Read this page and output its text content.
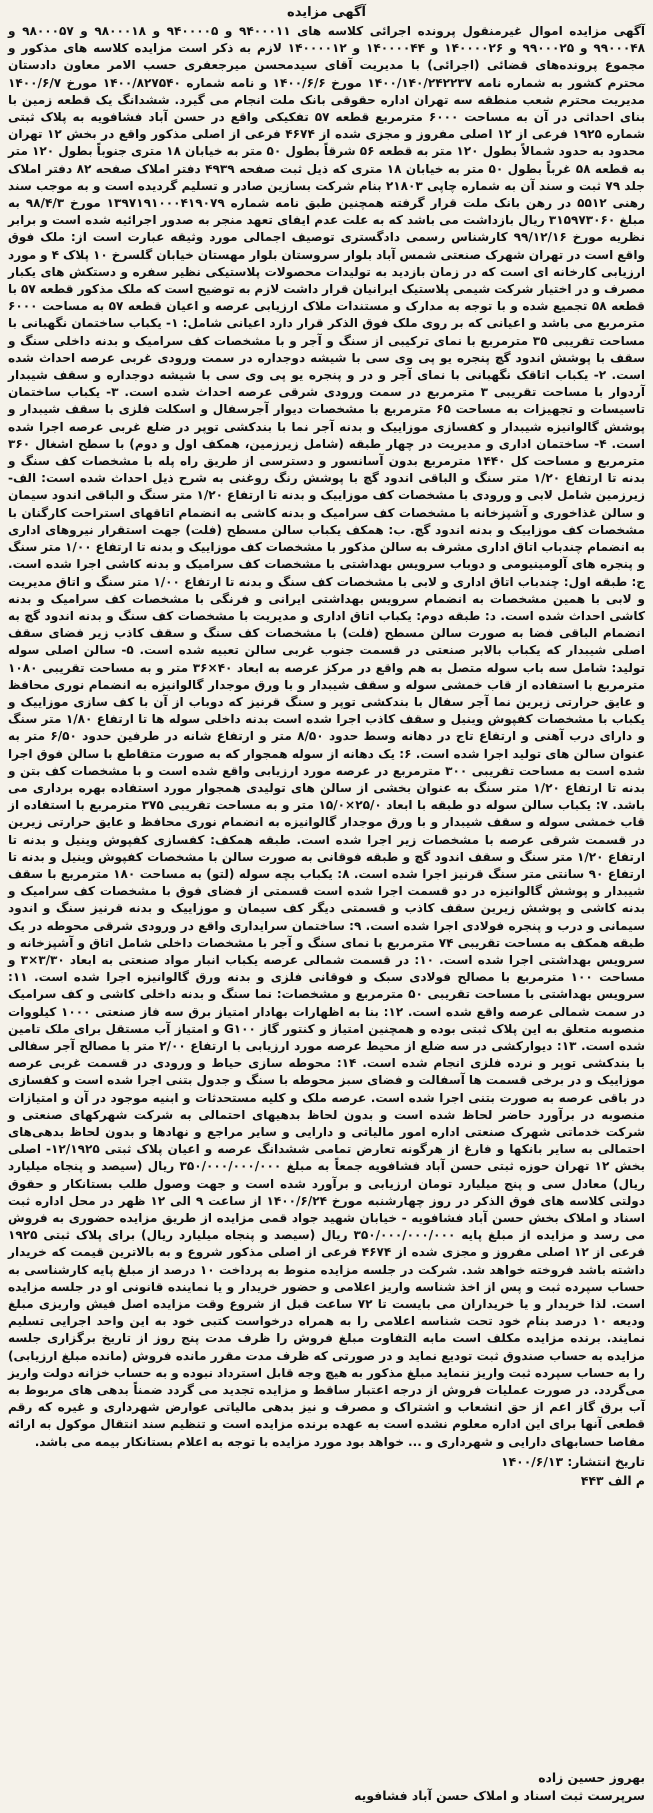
آگهی مزایده

آگهی مزایده اموال غیرمنقول پرونده اجرائی کلاسه های ۹۴۰۰۰۱۱ و ۹۴۰۰۰۰۵ و ۹۸۰۰۰۱۸ و ۹۸۰۰۰۵۷ و ۹۹۰۰۰۴۸ و ۹۹۰۰۰۲۵ و ۱۴۰۰۰۰۲۶ و ۱۴۰۰۰۰۴۴ و ۱۴۰۰۰۰۱۲ لازم به ذکر است مزایده کلاسه های مذکور و مجموع پرونده‌های قضائی (اجرائی) با مدیریت آقای سیدمحسن میرجعفری حسب الامر معاون دادستان محترم کشور به شماره نامه ۱۴۰۰/۱۴۰/۲۴۲۲۳۷ مورخ ۱۴۰۰/۶/۶ و نامه شماره ۱۴۰۰/۸۲۷۵۴۰ مورخ ۱۴۰۰/۶/۷ مدیریت محترم شعب منطقه سه تهران اداره حقوقی بانک ملت انجام می گیرد. ششدانگ یک قطعه زمین با بنای احداثی در آن به مساحت ۶۰۰۰ مترمربع قطعه ۵۷ تفکیکی واقع در حسن آباد فشافویه به پلاک ثبتی شماره ۱۹۲۵ فرعی از ۱۲ اصلی مفروز و مجزی شده از ۴۶۷۴ فرعی از اصلی مذکور واقع در بخش ۱۲ تهران محدود به حدود شمالاً بطول ۱۲۰ متر به قطعه ۵۶ شرقاً بطول ۵۰ متر به خیابان ۱۸ متری جنوباً بطول ۱۲۰ متر به قطعه ۵۸ غرباً بطول ۵۰ متر به خیابان ۱۸ متری که ذیل ثبت صفحه ۴۹۳۹ دفتر املاک صفحه ۸۲ دفتر املاک جلد ۷۹ ثبت و سند آن به شماره چاپی ۲۱۸۰۳ بنام شرکت بسازین صادر و تسلیم گردیده است و به موجب سند رهنی ۵۵۱۲ در رهن بانک ملت قرار گرفته همچنین طبق نامه شماره ۱۳۹۷۱۹۱۰۰۰۴۱۹۰۷۹ مورخ ۹۸/۴/۳ به مبلغ ۳۱۵۹۷۳۰۶۰ ریال بازداشت می باشد که به علت عدم ایفای تعهد منجر به صدور اجرائیه شده است و برابر نظریه مورخ ۹۹/۱۲/۱۶ کارشناس رسمی دادگستری توصیف اجمالی مورد وثیقه عبارت است از: ملک فوق واقع است در تهران شهرک صنعتی شمس آباد بلوار سروستان بلوار مهستان خیابان گلسرخ ۱۰ پلاک ۴ و مورد ارزیابی کارخانه ای است که در زمان بازدید به تولیدات محصولات پلاستیکی نظیر سفره و دستکش های یکبار مصرف و در اختیار شرکت شیمی پلاستیک ایرانیان قرار داشت لازم به توضیح است که ملک مذکور قطعه ۵۷ با قطعه ۵۸ تجمیع شده و با توجه به مدارک و مستندات ملاک ارزیابی عرصه و اعیان قطعه ۵۷ به مساحت ۶۰۰۰ مترمربع می باشد و اعیانی که بر روی ملک فوق الذکر قرار دارد اعیانی شامل: ۱- یکباب ساختمان نگهبانی با مساحت تقریبی ۳۵ مترمربع با نمای ترکیبی از سنگ و آجر و با مشخصات کف سرامیک و بدنه داخلی سنگ و سقف با پوشش اندود گچ پنجره یو پی وی سی با شیشه دوجداره در سمت ورودی غربی عرصه احداث شده است. ۲- یکباب اتاقک نگهبانی با نمای آجر و در و پنجره یو پی وی سی با شیشه دوجداره و سقف شیبدار آردوار با مساحت تقریبی ۳ مترمربع در سمت ورودی شرقی عرصه احداث شده است. ۳- یکباب ساختمان تاسیسات و تجهیزات به مساحت ۶۵ مترمربع با مشخصات دیوار آجرسفال و اسکلت فلزی با سقف شیبدار و پوشش گالوانیزه شیبدار و کفسازی موزاییک و بدنه آجر نما با بندکشی توپر در ضلع غربی عرصه اجرا شده است. ۴- ساختمان اداری و مدیریت در چهار طبقه (شامل زیرزمین، همکف اول و دوم) با سطح اشغال ۳۶۰ مترمربع و مساحت کل ۱۴۴۰ مترمربع بدون آسانسور و دسترسی از طریق راه پله با مشخصات کف سنگ و بدنه تا ارتفاع ۱/۲۰ متر سنگ و الباقی اندود گچ با پوشش رنگ روغنی به شرح ذیل احداث شده است: الف- زیرزمین شامل لابی و ورودی با مشخصات کف موزاییک و بدنه تا ارتفاع ۱/۲۰ متر سنگ و الباقی اندود سیمان و سالن غذاخوری و آشپزخانه با مشخصات کف سرامیک و بدنه کاشی به انضمام اتاقهای استراحت کارگنان با مشخصات کف موزاییک و بدنه اندود گچ. ب: همکف یکباب سالن مسطح (فلت) جهت استقرار نیروهای اداری به انضمام چندباب اتاق اداری مشرف به سالن مذکور با مشخصات کف موزاییک و بدنه تا ارتفاع ۱/۰۰ متر سنگ و پنجره های آلومینیومی و دوباب سرویس بهداشتی با مشخصات کف سرامیک و بدنه کاشی اجرا شده است. ج: طبقه اول: چندباب اتاق اداری و لابی با مشخصات کف سنگ و بدنه تا ارتفاع ۱/۰۰ متر سنگ و اتاق مدیریت و لابی با همین مشخصات به انضمام سرویس بهداشتی ایرانی و فرنگی با مشخصات کف سرامیک و بدنه کاشی احداث شده است. د: طبقه دوم: یکباب اتاق اداری و مدیریت با مشخصات کف سنگ و بدنه اندود گچ به انضمام الباقی فضا به صورت سالن مسطح (فلت) با مشخصات کف سنگ و سقف کاذب زیر فضای سقف اصلی شیبدار که یکباب بالابر صنعتی در قسمت جنوب غربی سالن تعبیه شده است. ۵- سالن اصلی سوله تولید: شامل سه باب سوله متصل به هم واقع در مرکز عرصه به ابعاد ۴۰×۳۶ متر و به مساحت تقریبی ۱۰۸۰ مترمربع با استفاده از قاب خمشی سوله و سقف شیبدار و با ورق موجدار گالوانیزه به انضمام نوری محافظ و عایق حرارتی زیرین نما آجر سفال با بندکشی توپر و سنگ قرنیز که دوباب از آن با کف سازی موزاییک و یکباب با مشخصات کفپوش وینیل و سقف کاذب اجرا شده است بدنه داخلی سوله ها تا ارتفاع ۱/۸۰ متر سنگ و دارای درب آهنی و ارتفاع تاج در دهانه وسط حدود ۸/۵۰ متر و ارتفاع شانه در طرفین حدود ۶/۵۰ متر به عنوان سالن های تولید اجرا شده است. ۶: یک دهانه از سوله همجوار که به صورت متقاطع با سالن فوق اجرا شده است به مساحت تقریبی ۳۰۰ مترمربع در عرصه مورد ارزیابی واقع شده است و با مشخصات کف بتن و بدنه تا ارتفاع ۱/۲۰ متر سنگ به عنوان بخشی از سالن های تولیدی همجوار مورد استفاده بهره برداری می باشد. ۷: یکباب سالن سوله دو طبقه با ابعاد ۲۵/۰×۱۵/۰ متر و به مساحت تقریبی ۳۷۵ مترمربع با استفاده از قاب خمشی سوله و سقف شیبدار و با ورق موجدار گالوانیزه به انضمام نوری محافظ و عایق حرارتی زیرین در قسمت شرقی عرصه با مشخصات زیر اجرا شده است. طبقه همکف: کفسازی کفپوش وینیل و بدنه تا ارتفاع ۱/۲۰ متر سنگ و سقف اندود گچ و طبقه فوقانی به صورت سالن با مشخصات کفپوش وینیل و بدنه تا ارتفاع ۹۰ سانتی متر سنگ قرنیز اجرا شده است. ۸: یکباب بچه سوله (لتو) به مساحت ۱۸۰ مترمربع با سقف شیبدار و پوشش گالوانیزه در دو قسمت اجرا شده است قسمتی از فضای فوق با مشخصات کف سرامیک و بدنه کاشی و پوشش زیرین سقف کاذب و قسمتی دیگر کف سیمان و موزاییک و بدنه قرنیز سنگ و اندود سیمانی و درب و پنجره فولادی اجرا شده است. ۹: ساختمان سرایداری واقع در ورودی شرقی محوطه در یک طبقه همکف به مساحت تقریبی ۷۴ مترمربع با نمای سنگ و آجر با مشخصات داخلی شامل اتاق و آشپزخانه و سرویس بهداشتی اجرا شده است. ۱۰: در قسمت شمالی عرصه یکباب انبار مواد صنعتی به ابعاد ۳/۳۰×۳ و مساحت ۱۰۰ مترمربع با مصالح فولادی سبک و فوقانی فلزی و بدنه ورق گالوانیزه اجرا شده است. ۱۱: سرویس بهداشتی با مساحت تقریبی ۵۰ مترمربع و مشخصات: نما سنگ و بدنه داخلی کاشی و کف سرامیک در سمت شمالی عرصه واقع شده است. ۱۲: بنا به اظهارات بهادار امتیاز برق سه فاز صنعتی ۱۰۰۰ کیلووات منصوبه متعلق به این پلاک ثبتی بوده و همچنین امتیاز و کنتور گاز G۱۰۰ و امتیاز آب مستقل برای ملک تامین شده است. ۱۳: دیوارکشی در سه ضلع از محیط عرصه مورد ارزیابی با ارتفاع ۲/۰۰ متر با مصالح آجر سفالی با بندکشی توپر و نرده فلزی انجام شده است. ۱۴: محوطه سازی حیاط و ورودی در قسمت غربی عرصه موزاییک و در برخی قسمت ها آسفالت و فضای سبز محوطه با سنگ و جدول بتنی اجرا شده است و کفسازی در باقی عرصه به صورت بتنی اجرا شده است. عرصه ملک و کلیه مستحدثات و ابنیه موجود در آن و امتیازات منصوبه در برآورد حاضر لحاظ شده است و بدون لحاظ بدهیهای احتمالی به شرکت شهرکهای صنعتی و شرکت خدماتی شهرک صنعتی اداره امور مالیاتی و دارایی و سایر مراجع و نهادها و بدون لحاظ بدهی‌های احتمالی به سایر بانکها و فارغ از هرگونه تعارض تمامی ششدانگ عرصه و اعیان پلاک ثبتی ۱۲/۱۹۲۵- اصلی بخش ۱۲ تهران حوزه ثبتی حسن آباد فشافویه جمعاً به مبلغ ۳۵۰/۰۰۰/۰۰۰/۰۰۰ ریال (سیصد و پنجاه میلیارد ریال) معادل سی و پنج میلیارد تومان ارزیابی و برآورد شده است و جهت وصول طلب بستانکار و حقوق دولتی کلاسه های فوق الذکر در روز چهارشنبه مورخ ۱۴۰۰/۶/۲۴ از ساعت ۹ الی ۱۲ ظهر در محل اداره ثبت اسناد و املاک بخش حسن آباد فشافویه - خیابان شهید جواد قمی مزایده از طریق مزایده حضوری به فروش می رسد و مزایده از مبلغ پایه ۳۵۰/۰۰۰/۰۰۰/۰۰۰ ریال (سیصد و پنجاه میلیارد ریال) برای پلاک ثبتی ۱۹۲۵ فرعی از ۱۲ اصلی مفروز و مجزی شده از ۴۶۷۴ فرعی از اصلی مذکور شروع و به بالاترین قیمت که خریدار داشته باشد فروخته خواهد شد. شرکت در جلسه مزایده منوط به پرداخت ۱۰ درصد از مبلغ پایه کارشناسی به حساب سپرده ثبت و پس از اخذ شناسه واریز اعلامی و حضور خریدار و یا نماینده قانونی او در جلسه مزایده است. لذا خریدار و یا خریداران می بایست تا ۷۲ ساعت قبل از شروع وقت مزایده اصل فیش واریزی مبلغ ودیعه ۱۰ درصد بنام خود تحت شناسه اعلامی را به همراه درخواست کتبی خود به این واحد اجرایی تسلیم نمایند. برنده مزایده مکلف است مابه التفاوت مبلغ فروش را ظرف مدت پنج روز از تاریخ برگزاری جلسه مزایده به حساب صندوق ثبت تودیع نماید و در صورتی که ظرف مدت مقرر مانده فروش (مانده مبلغ ارزیابی) را به حساب سپرده ثبت واریز ننماید مبلغ مذکور به هیچ وجه قابل استرداد نبوده و به حساب خزانه دولت واریز می‌گردد. در صورت عملیات فروش از درجه اعتبار ساقط و مزایده تجدید می گردد ضمناً بدهی های مربوط به آب برق گاز اعم از حق انشعاب و اشتراک و مصرف و نیز بدهی مالیاتی عوارض شهرداری و غیره که رقم قطعی آنها برای این اداره معلوم نشده است به عهده برنده مزایده است و تنظیم سند انتقال موکول به ارائه مفاصا حسابهای دارایی و شهرداری و ... خواهد بود مورد مزایده با توجه به اعلام بستانکار بیمه می باشد.

تاریخ انتشار: ۱۴۰۰/۶/۱۳
م الف ۴۴۳
بهروز حسین زاده
سرپرست ثبت اسناد و املاک حسن آباد فشافویه
